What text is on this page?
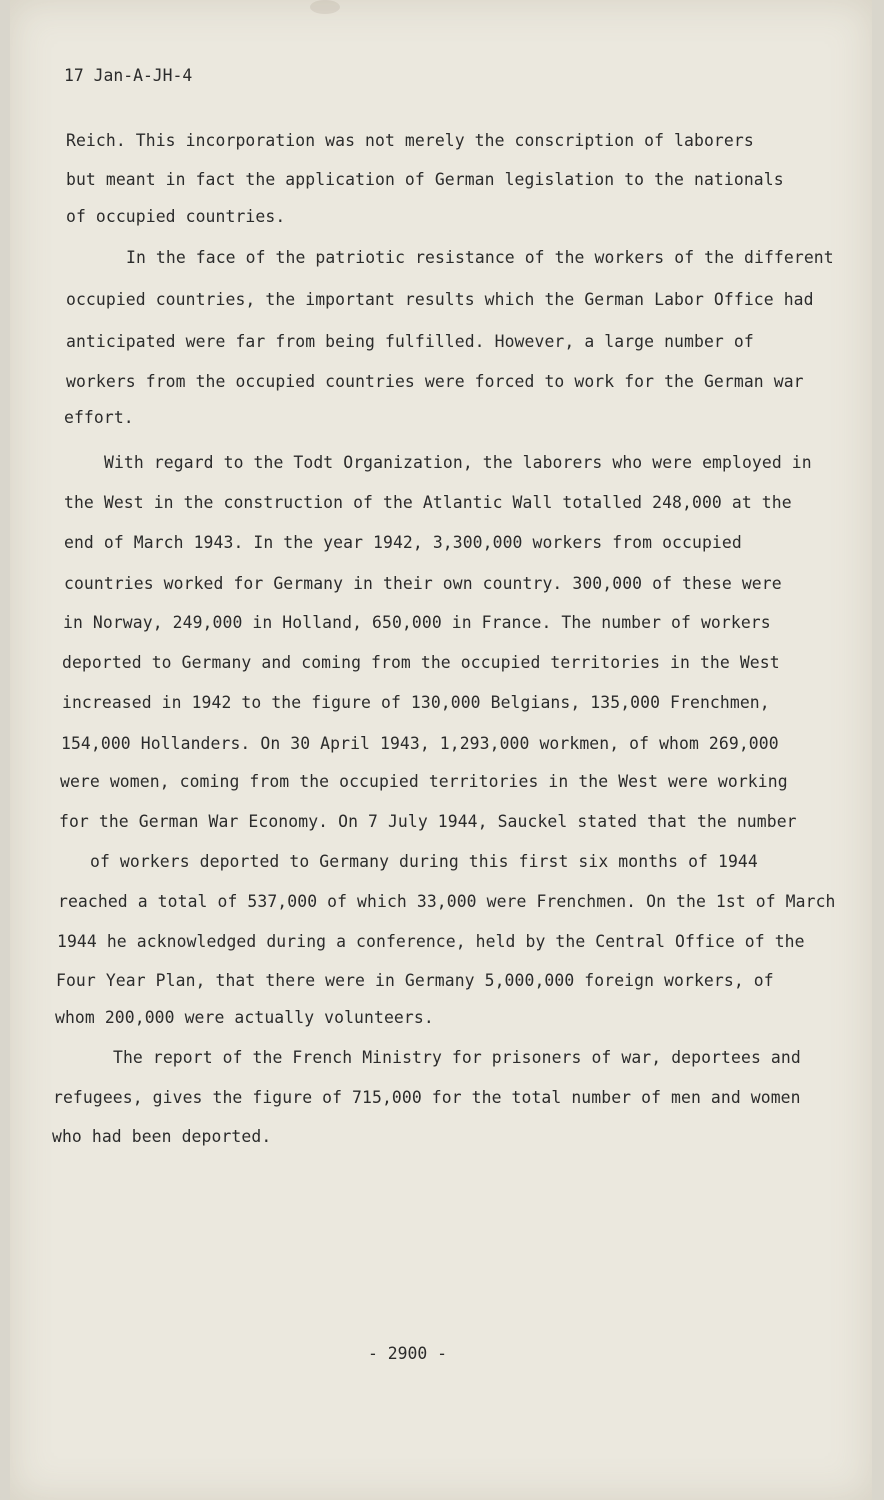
17 Jan-A-JH-4

Reich. This incorporation was not merely the conscription of laborers

but meant in fact the application of German legislation to the nationals

of occupied countries.

In the face of the patriotic resistance of the workers of the different

occupied countries, the important results which the German Labor Office had

anticipated were far from being fulfilled. However, a large number of

workers from the occupied countries were forced to work for the German war

effort.

With regard to the Todt Organization, the laborers who were employed in

the West in the construction of the Atlantic Wall totalled 248,000 at the

end of March 1943. In the year 1942, 3,300,000 workers from occupied

countries worked for Germany in their own country. 300,000 of these were

in Norway, 249,000 in Holland, 650,000 in France. The number of workers

deported to Germany and coming from the occupied territories in the West

increased in 1942 to the figure of 130,000 Belgians, 135,000 Frenchmen,

154,000 Hollanders. On 30 April 1943, 1,293,000 workmen, of whom 269,000

were women, coming from the occupied territories in the West were working

for the German War Economy. On 7 July 1944, Sauckel stated that the number

of workers deported to Germany during this first six months of 1944

reached a total of 537,000 of which 33,000 were Frenchmen. On the 1st of March

1944 he acknowledged during a conference, held by the Central Office of the

Four Year Plan, that there were in Germany 5,000,000 foreign workers, of

whom 200,000 were actually volunteers.

The report of the French Ministry for prisoners of war, deportees and

refugees, gives the figure of 715,000 for the total number of men and women

who had been deported.

- 2900 -
